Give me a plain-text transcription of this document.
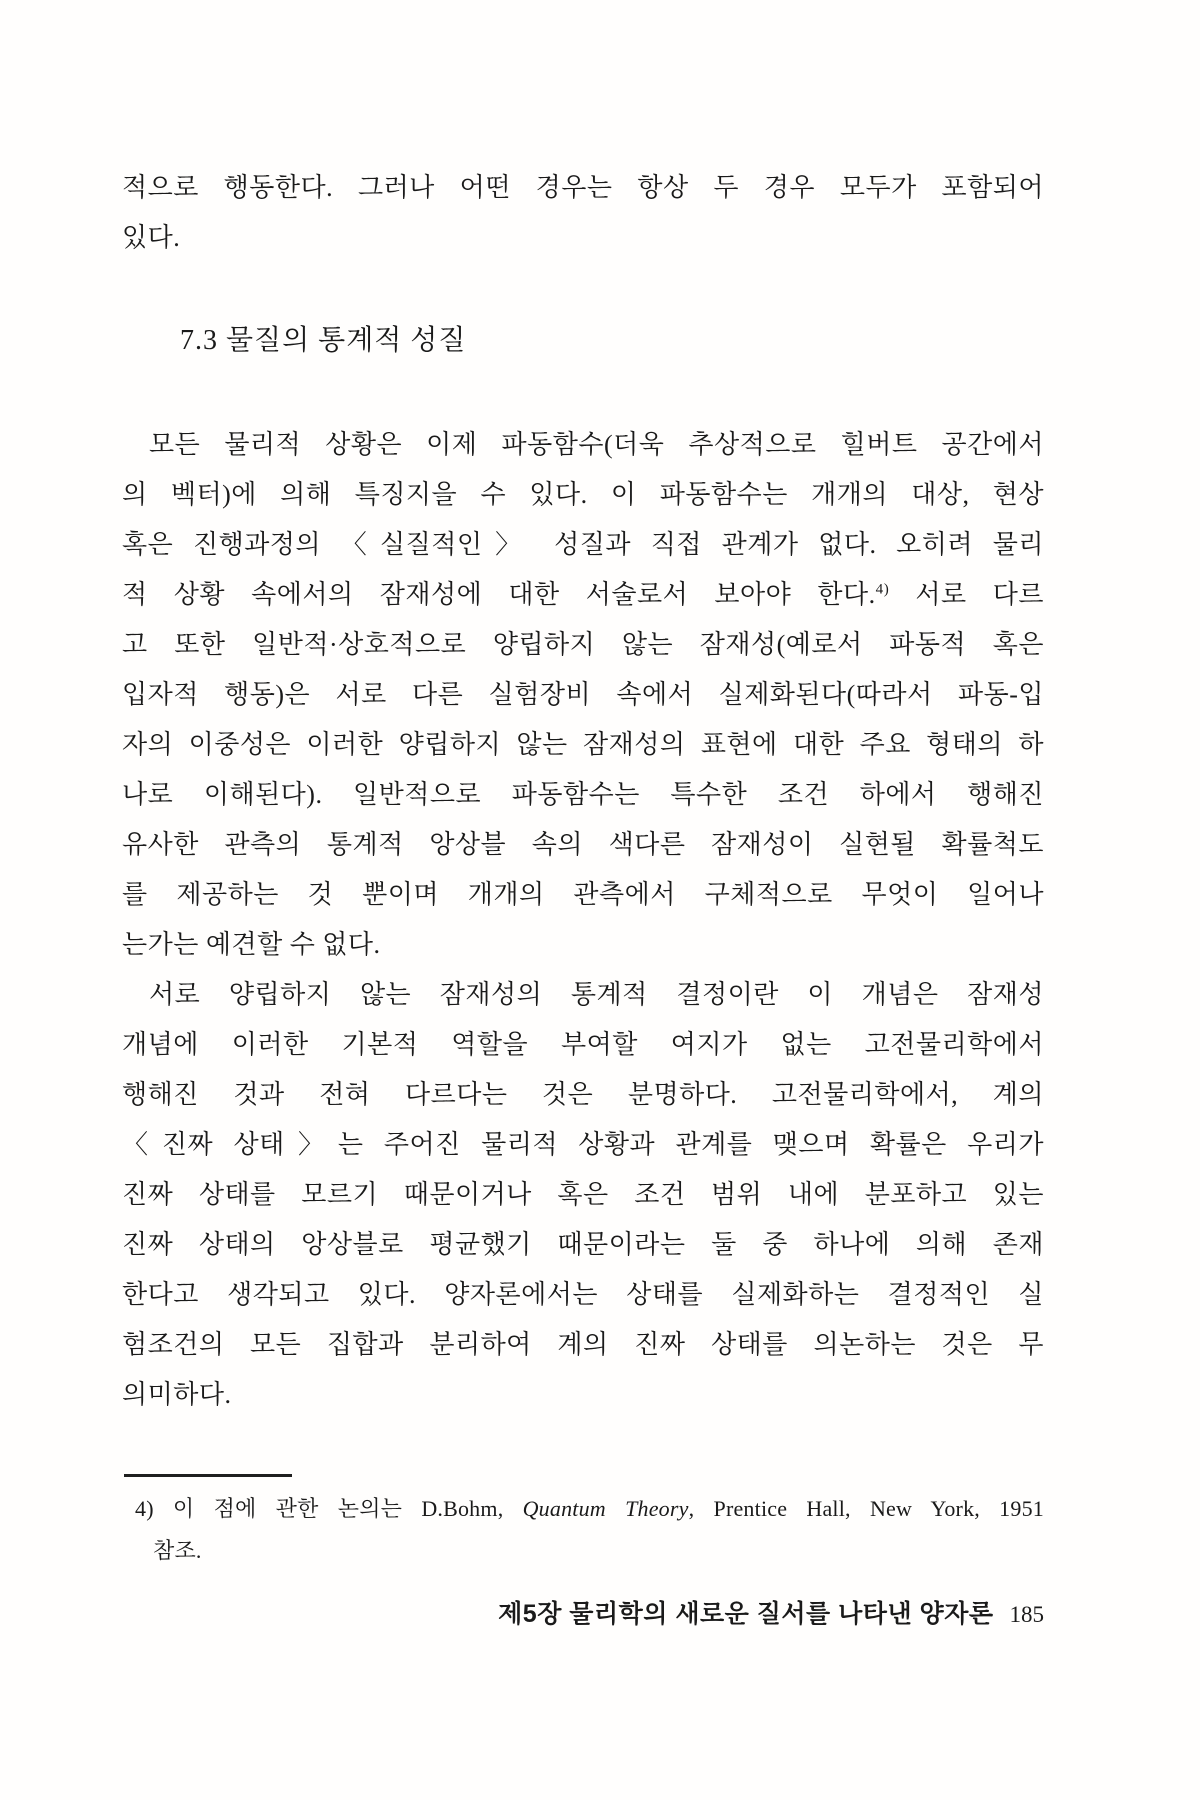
적으로 행동한다. 그러나 어떤 경우는 항상 두 경우 모두가 포함되어
있다.
7.3 물질의 통계적 성질
모든 물리적 상황은 이제 파동함수(더욱 추상적으로 힐버트 공간에서
의 벡터)에 의해 특징지을 수 있다. 이 파동함수는 개개의 대상, 현상
혹은 진행과정의 〈실질적인〉 성질과 직접 관계가 없다. 오히려 물리
적 상황 속에서의 잠재성에 대한 서술로서 보아야 한다.$^{4)}$ 서로 다르
고 또한 일반적·상호적으로 양립하지 않는 잠재성(예로서 파동적 혹은
입자적 행동)은 서로 다른 실험장비 속에서 실제화된다(따라서 파동-입
자의 이중성은 이러한 양립하지 않는 잠재성의 표현에 대한 주요 형태의 하
나로 이해된다). 일반적으로 파동함수는 특수한 조건 하에서 행해진
유사한 관측의 통계적 앙상블 속의 색다른 잠재성이 실현될 확률척도
를 제공하는 것 뿐이며 개개의 관측에서 구체적으로 무엇이 일어나
는가는 예견할 수 없다.
서로 양립하지 않는 잠재성의 통계적 결정이란 이 개념은 잠재성
개념에 이러한 기본적 역할을 부여할 여지가 없는 고전물리학에서
행해진 것과 전혀 다르다는 것은 분명하다. 고전물리학에서, 계의
〈진짜 상태〉는 주어진 물리적 상황과 관계를 맺으며 확률은 우리가
진짜 상태를 모르기 때문이거나 혹은 조건 범위 내에 분포하고 있는
진짜 상태의 앙상블로 평균했기 때문이라는 둘 중 하나에 의해 존재
한다고 생각되고 있다. 양자론에서는 상태를 실제화하는 결정적인 실
험조건의 모든 집합과 분리하여 계의 진짜 상태를 의논하는 것은 무
의미하다.
4) 이 점에 관한 논의는 D.Bohm, Quantum Theory, Prentice Hall, New York, 1951
참조.
제5장 물리학의 새로운 질서를 나타낸 양자론 185
